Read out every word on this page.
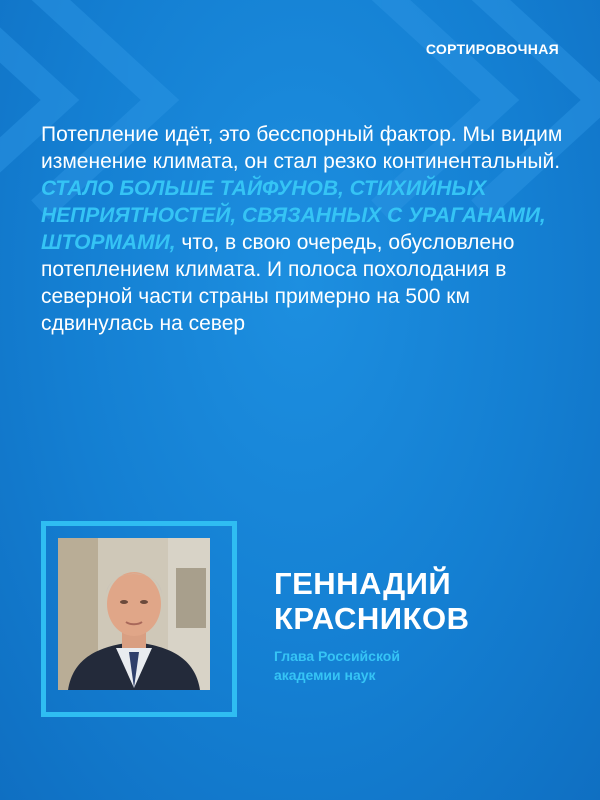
СОРТИРОВОЧНАЯ

Потепление идёт, это бесспорный фактор. Мы видим изменение климата, он стал резко континентальный. СТАЛО БОЛЬШЕ ТАЙФУНОВ, СТИХИЙНЫХ НЕПРИЯТНОСТЕЙ, СВЯЗАННЫХ С УРАГАНАМИ, ШТОРМАМИ, что, в свою очередь, обусловлено потеплением климата. И полоса похолодания в северной части страны примерно на 500 км сдвинулась на север

ГЕННАДИЙ
КРАСНИКОВ
Глава Российской
академии наук
